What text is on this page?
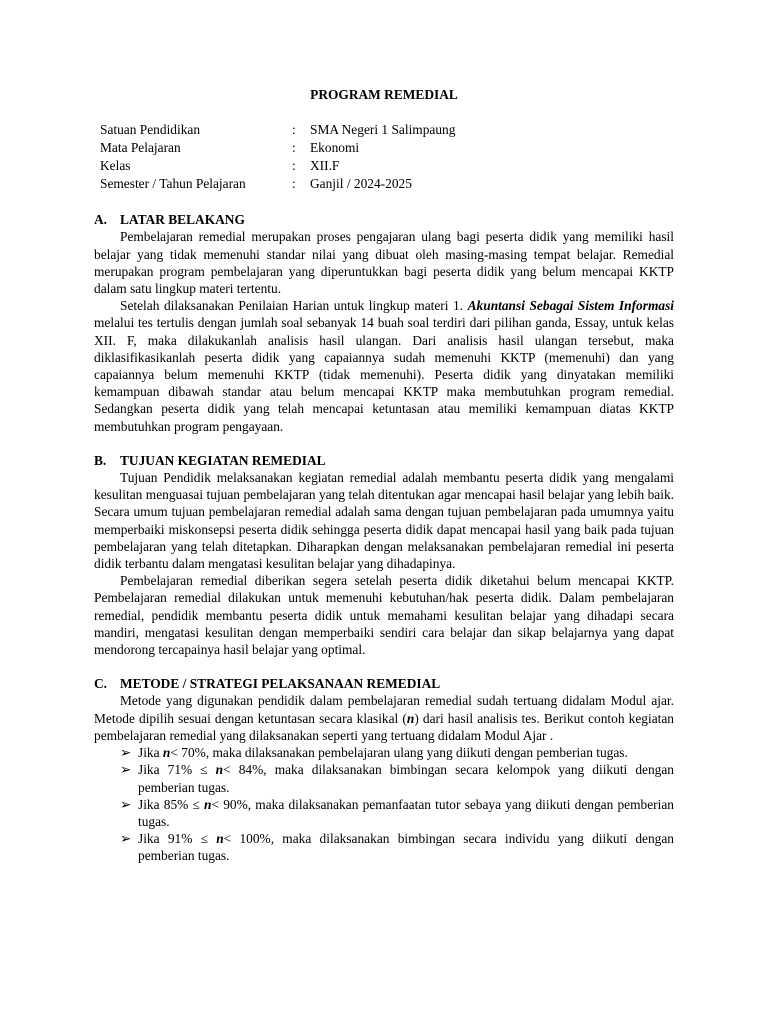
PROGRAM REMEDIAL
Satuan Pendidikan	:	SMA Negeri 1 Salimpaung
Mata Pelajaran	:	Ekonomi
Kelas	:	XII.F
Semester / Tahun Pelajaran	:	Ganjil / 2024-2025
A. LATAR BELAKANG

Pembelajaran remedial merupakan proses pengajaran ulang bagi peserta didik yang memiliki hasil belajar yang tidak memenuhi standar nilai yang dibuat oleh masing-masing tempat belajar. Remedial merupakan program pembelajaran yang diperuntukkan bagi peserta didik yang belum mencapai KKTP dalam satu lingkup materi tertentu.

Setelah dilaksanakan Penilaian Harian untuk lingkup materi 1. Akuntansi Sebagai Sistem Informasi melalui tes tertulis dengan jumlah soal sebanyak 14 buah soal terdiri dari pilihan ganda, Essay, untuk kelas XII. F, maka dilakukanlah analisis hasil ulangan. Dari analisis hasil ulangan tersebut, maka diklasifikasikanlah peserta didik yang capaiannya sudah memenuhi KKTP (memenuhi) dan yang capaiannya belum memenuhi KKTP (tidak memenuhi). Peserta didik yang dinyatakan memiliki kemampuan dibawah standar atau belum mencapai KKTP maka membutuhkan program remedial. Sedangkan peserta didik yang telah mencapai ketuntasan atau memiliki kemampuan diatas KKTP membutuhkan program pengayaan.

B. TUJUAN KEGIATAN REMEDIAL

Tujuan Pendidik melaksanakan kegiatan remedial adalah membantu peserta didik yang mengalami kesulitan menguasai tujuan pembelajaran yang telah ditentukan agar mencapai hasil belajar yang lebih baik. Secara umum tujuan pembelajaran remedial adalah sama dengan tujuan pembelajaran pada umumnya yaitu memperbaiki miskonsepsi peserta didik sehingga peserta didik dapat mencapai hasil yang baik pada tujuan pembelajaran yang telah ditetapkan. Diharapkan dengan melaksanakan pembelajaran remedial ini peserta didik terbantu dalam mengatasi kesulitan belajar yang dihadapinya.

Pembelajaran remedial diberikan segera setelah peserta didik diketahui belum mencapai KKTP. Pembelajaran remedial dilakukan untuk memenuhi kebutuhan/hak peserta didik. Dalam pembelajaran remedial, pendidik membantu peserta didik untuk memahami kesulitan belajar yang dihadapi secara mandiri, mengatasi kesulitan dengan memperbaiki sendiri cara belajar dan sikap belajarnya yang dapat mendorong tercapainya hasil belajar yang optimal.

C. METODE / STRATEGI PELAKSANAAN REMEDIAL

Metode yang digunakan pendidik dalam pembelajaran remedial sudah tertuang didalam Modul ajar. Metode dipilih sesuai dengan ketuntasan secara klasikal (n) dari hasil analisis tes. Berikut contoh kegiatan pembelajaran remedial yang dilaksanakan seperti yang tertuang didalam Modul Ajar .

➢ Jika n< 70%, maka dilaksanakan pembelajaran ulang yang diikuti dengan pemberian tugas.
➢ Jika 71% ≤ n< 84%, maka dilaksanakan bimbingan secara kelompok yang diikuti dengan pemberian tugas.
➢ Jika 85% ≤ n< 90%, maka dilaksanakan pemanfaatan tutor sebaya yang diikuti dengan pemberian tugas.
➢ Jika 91% ≤ n< 100%, maka dilaksanakan bimbingan secara individu yang diikuti dengan pemberian tugas.
